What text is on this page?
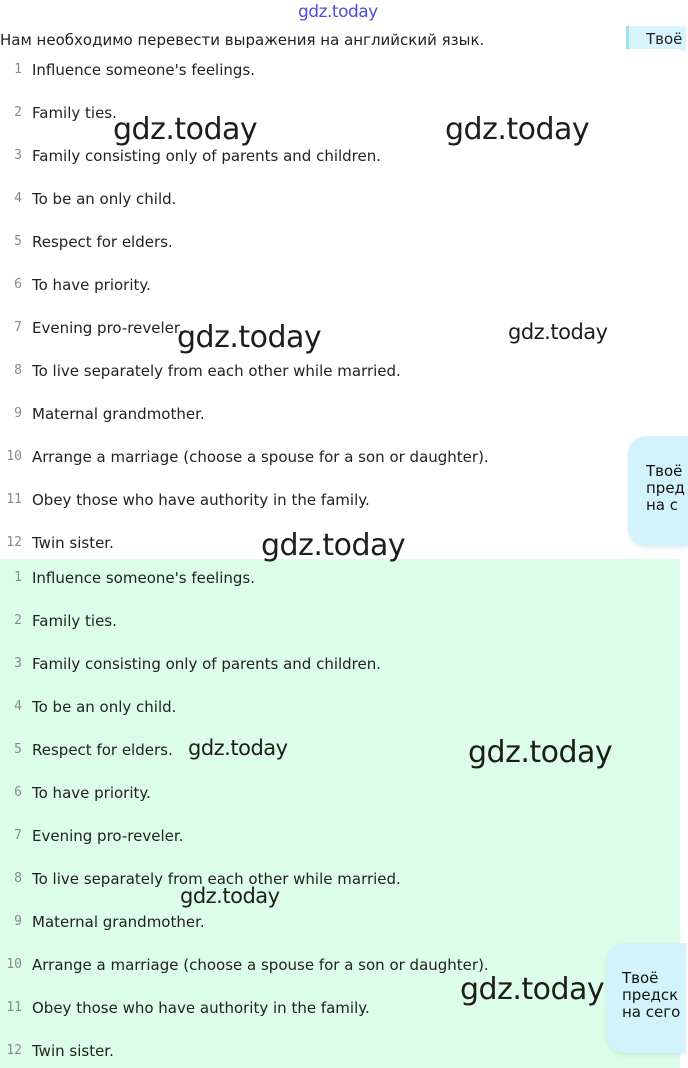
gdz.today
Нам необходимо перевести выражения на английский язык.	Твоё
1 Influence someone's feelings.
2 Family ties.
3 Family consisting only of parents and children.
4 To be an only child.
5 Respect for elders.
6 To have priority.
7 Evening pro-reveler.
8 To live separately from each other while married.
9 Maternal grandmother.
10 Arrange a marriage (choose a spouse for a son or daughter).
11 Obey those who have authority in the family.
12 Twin sister.
1 Influence someone's feelings.
2 Family ties.
3 Family consisting only of parents and children.
4 To be an only child.
5 Respect for elders.
6 To have priority.
7 Evening pro-reveler.
8 To live separately from each other while married.
9 Maternal grandmother.
10 Arrange a marriage (choose a spouse for a son or daughter).
11 Obey those who have authority in the family.
12 Twin sister.
gdz.today	gdz.today
gdz.today	gdz.today
gdz.today
gdz.today	gdz.today
gdz.today
gdz.today
Твоё
пред
на с
Твоё
предск
на сего
